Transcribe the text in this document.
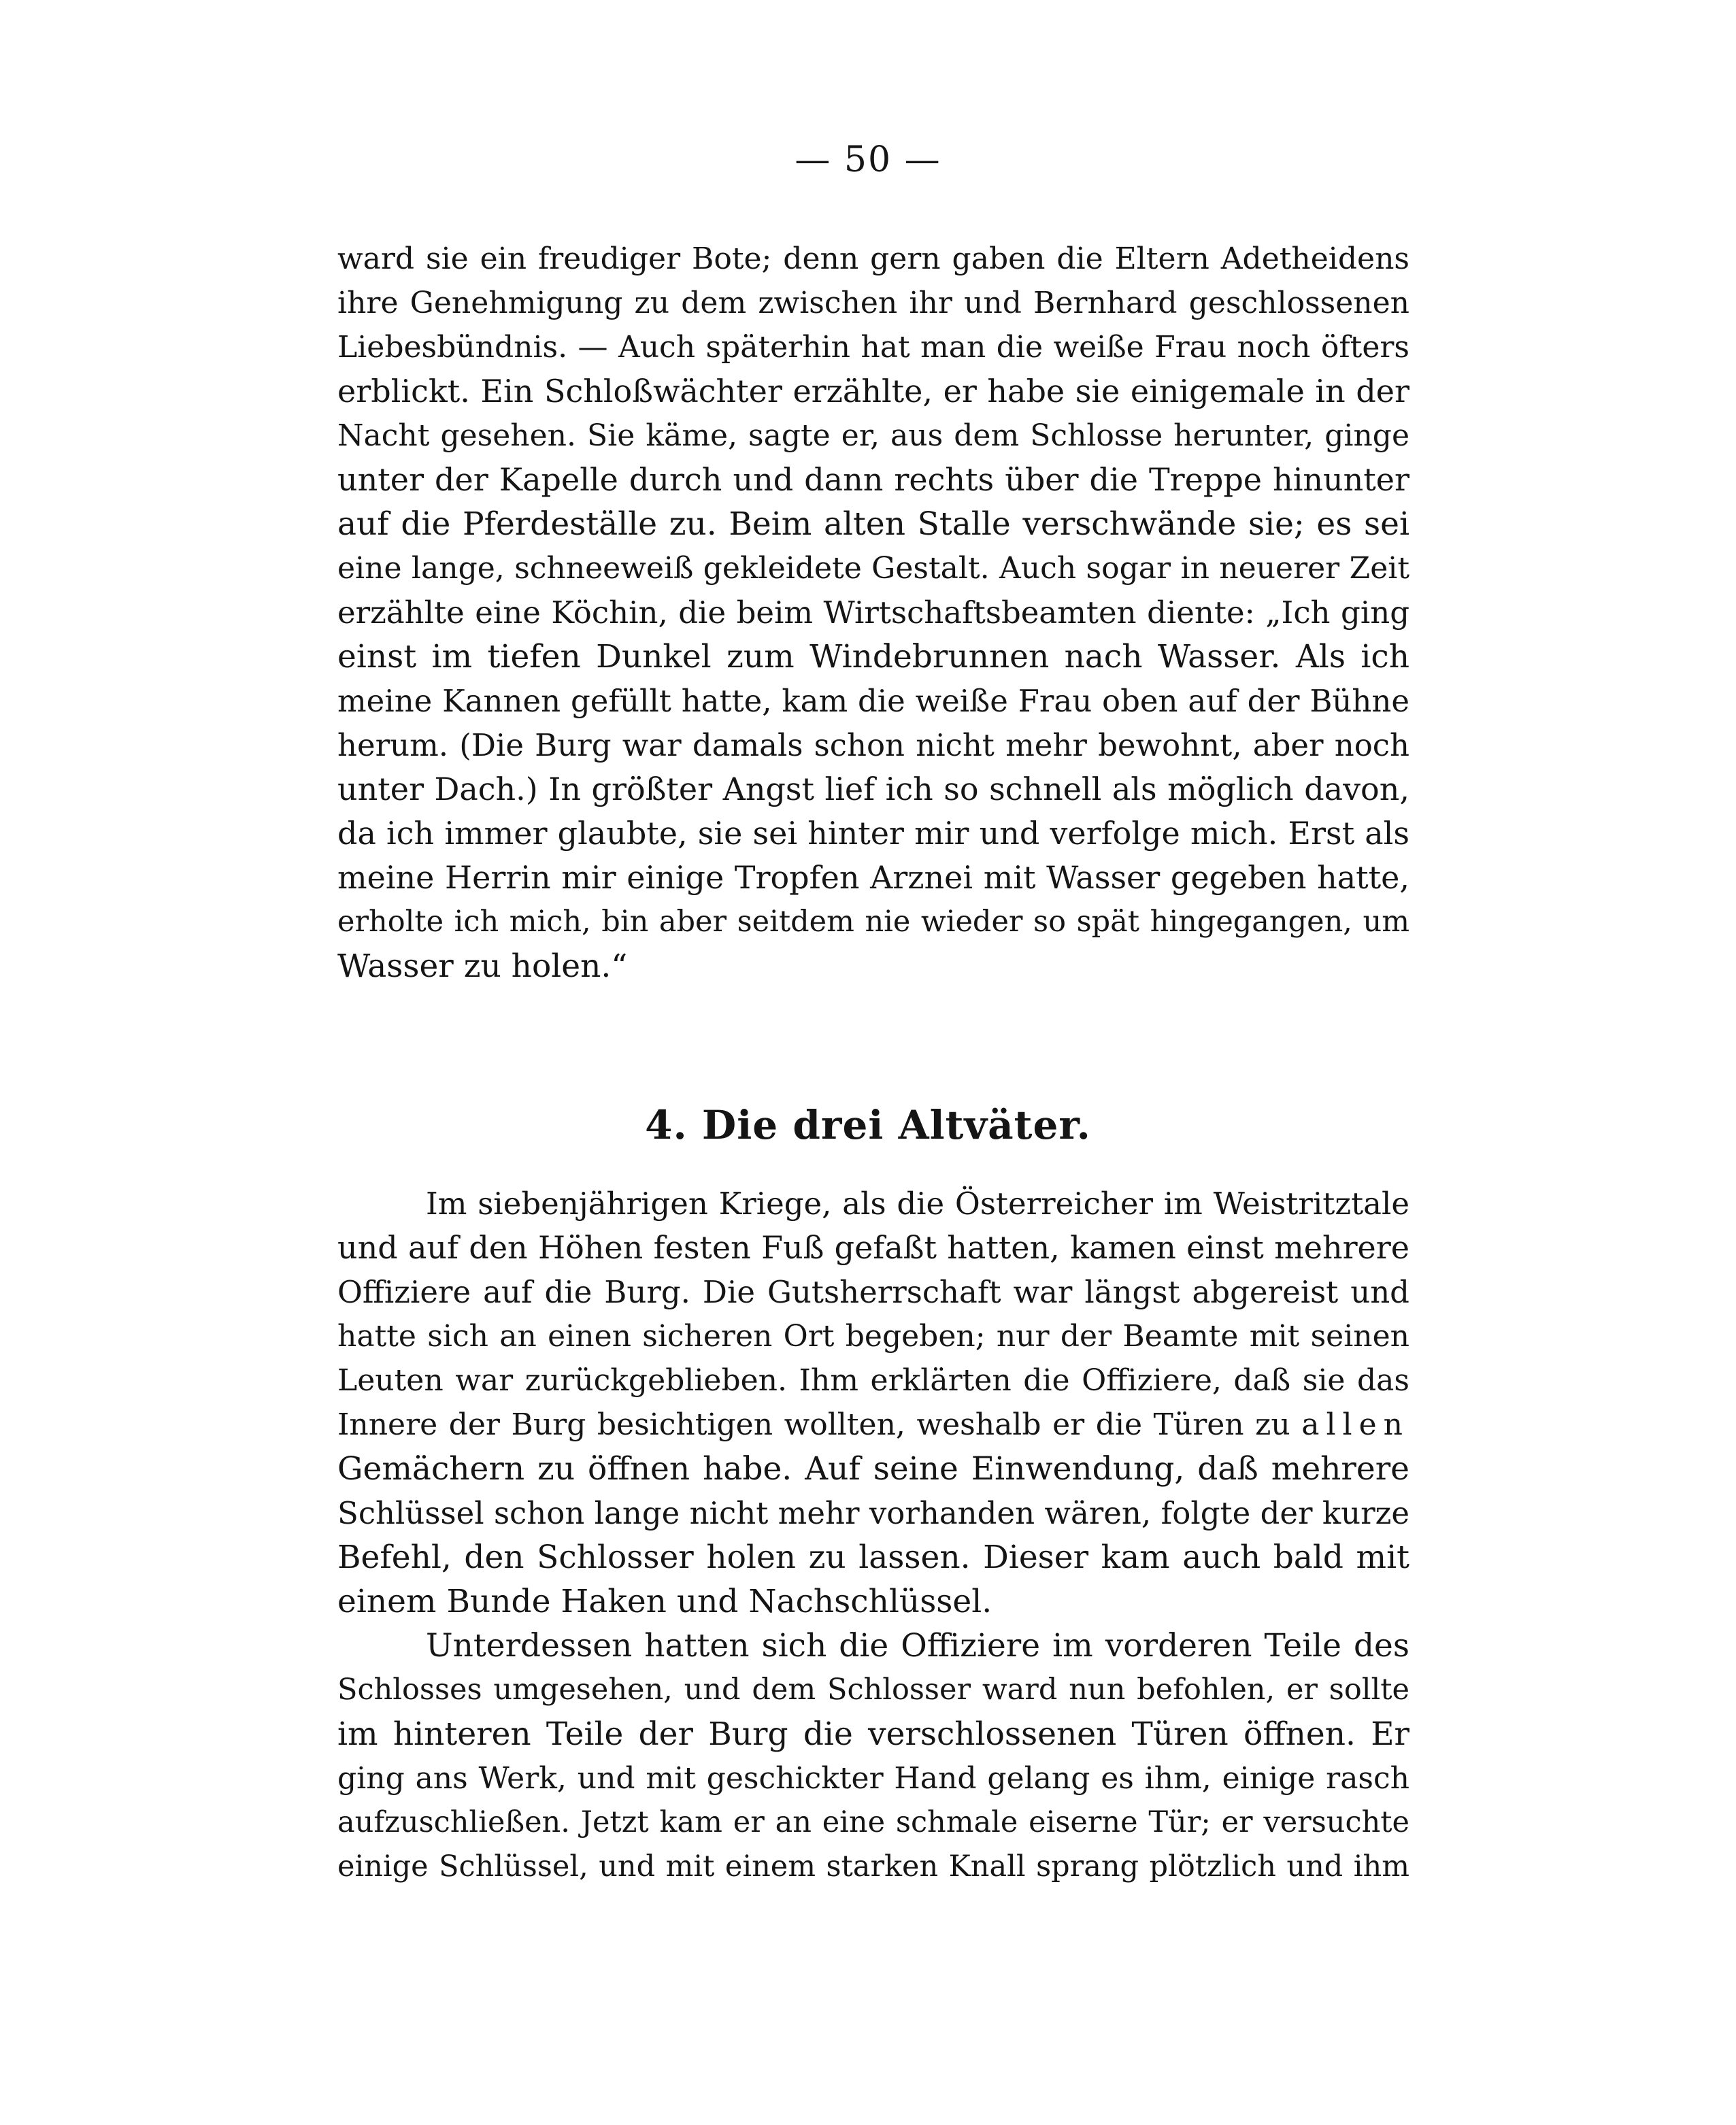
— 50 —
ward sie ein freudiger Bote; denn gern gaben die Eltern Adetheidens
ihre Genehmigung zu dem zwischen ihr und Bernhard geschlossenen
Liebesbündnis. — Auch späterhin hat man die weiße Frau noch öfters
erblickt. Ein Schloßwächter erzählte, er habe sie einigemale in der
Nacht gesehen. Sie käme, sagte er, aus dem Schlosse herunter, ginge
unter der Kapelle durch und dann rechts über die Treppe hinunter
auf die Pferdeställe zu. Beim alten Stalle verschwände sie; es sei
eine lange, schneeweiß gekleidete Gestalt. Auch sogar in neuerer Zeit
erzählte eine Köchin, die beim Wirtschaftsbeamten diente: „Ich ging
einst im tiefen Dunkel zum Windebrunnen nach Wasser. Als ich
meine Kannen gefüllt hatte, kam die weiße Frau oben auf der Bühne
herum. (Die Burg war damals schon nicht mehr bewohnt, aber noch
unter Dach.) In größter Angst lief ich so schnell als möglich davon,
da ich immer glaubte, sie sei hinter mir und verfolge mich. Erst als
meine Herrin mir einige Tropfen Arznei mit Wasser gegeben hatte,
erholte ich mich, bin aber seitdem nie wieder so spät hingegangen, um
Wasser zu holen.“
4. Die drei Altväter.
Im siebenjährigen Kriege, als die Österreicher im Weistritztale
und auf den Höhen festen Fuß gefaßt hatten, kamen einst mehrere
Offiziere auf die Burg. Die Gutsherrschaft war längst abgereist und
hatte sich an einen sicheren Ort begeben; nur der Beamte mit seinen
Leuten war zurückgeblieben. Ihm erklärten die Offiziere, daß sie das
Innere der Burg besichtigen wollten, weshalb er die Türen zu allen
Gemächern zu öffnen habe. Auf seine Einwendung, daß mehrere
Schlüssel schon lange nicht mehr vorhanden wären, folgte der kurze
Befehl, den Schlosser holen zu lassen. Dieser kam auch bald mit
einem Bunde Haken und Nachschlüssel.
Unterdessen hatten sich die Offiziere im vorderen Teile des
Schlosses umgesehen, und dem Schlosser ward nun befohlen, er sollte
im hinteren Teile der Burg die verschlossenen Türen öffnen. Er
ging ans Werk, und mit geschickter Hand gelang es ihm, einige rasch
aufzuschließen. Jetzt kam er an eine schmale eiserne Tür; er versuchte
einige Schlüssel, und mit einem starken Knall sprang plötzlich und ihm
